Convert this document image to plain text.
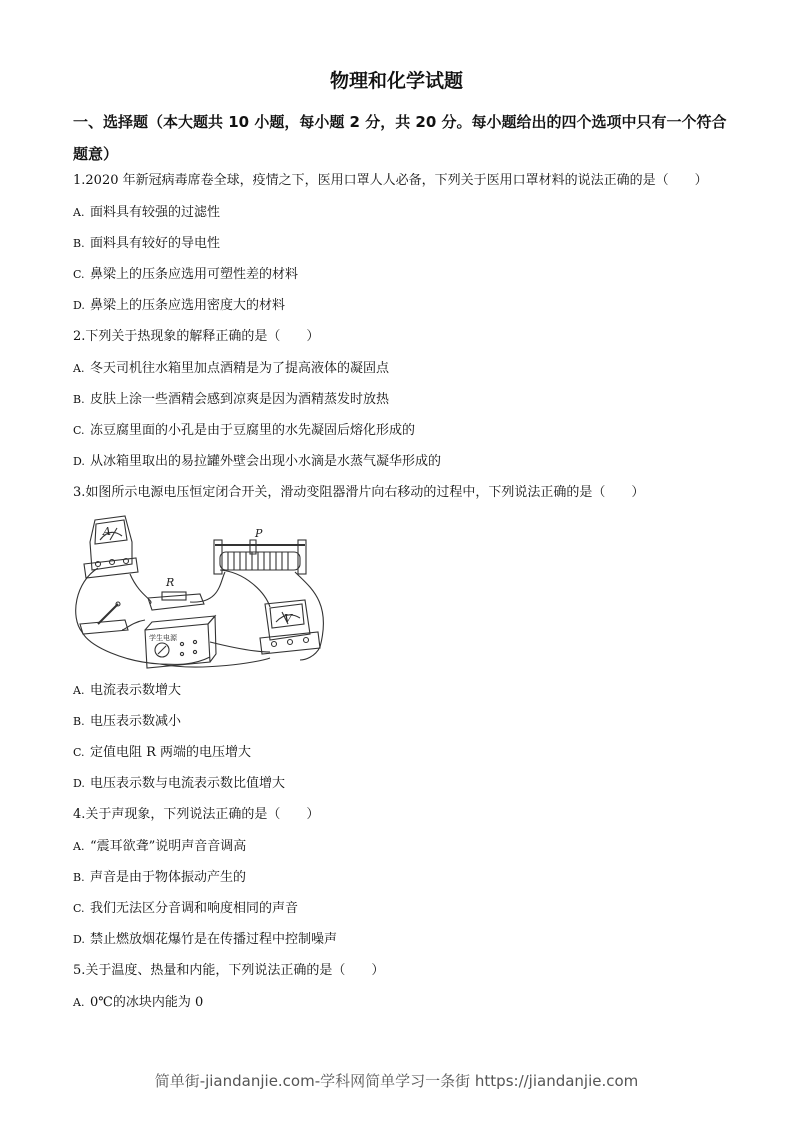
物理和化学试题
一、选择题（本大题共 10 小题，每小题 2 分，共 20 分。每小题给出的四个选项中只有一个符合题意）
1.2020 年新冠病毒席卷全球，疫情之下，医用口罩人人必备，下列关于医用口罩材料的说法正确的是（　　）
A. 面料具有较强的过滤性
B. 面料具有较好的导电性
C. 鼻梁上的压条应选用可塑性差的材料
D. 鼻梁上的压条应选用密度大的材料
2.下列关于热现象的解释正确的是（　　）
A. 冬天司机往水箱里加点酒精是为了提高液体的凝固点
B. 皮肤上涂一些酒精会感到凉爽是因为酒精蒸发时放热
C. 冻豆腐里面的小孔是由于豆腐里的水先凝固后熔化形成的
D. 从冰箱里取出的易拉罐外壁会出现小水滴是水蒸气凝华形成的
3.如图所示电源电压恒定闭合开关，滑动变阻器滑片向右移动的过程中，下列说法正确的是（　　）
A	P
R
V
学生电源
A. 电流表示数增大
B. 电压表示数减小
C. 定值电阻 R 两端的电压增大
D. 电压表示数与电流表示数比值增大
4.关于声现象，下列说法正确的是（　　）
A. “震耳欲聋”说明声音音调高
B. 声音是由于物体振动产生的
C. 我们无法区分音调和响度相同的声音
D. 禁止燃放烟花爆竹是在传播过程中控制噪声
5.关于温度、热量和内能，下列说法正确的是（　　）
A. 0℃的冰块内能为 0
简单街-jiandanjie.com-学科网简单学习一条街 https://jiandanjie.com
